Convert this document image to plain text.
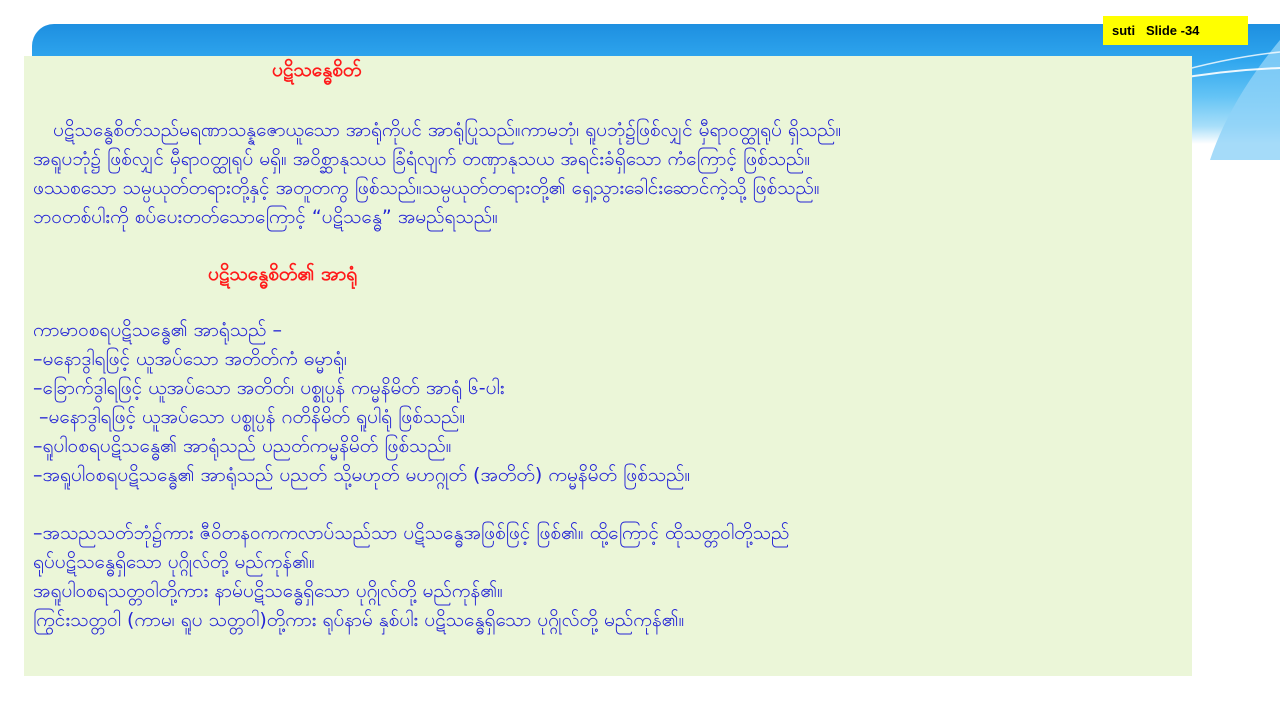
suti   Slide -34
ပဋိသန္ဓေစိတ်
ပဋိသန္ဓေစိတ်သည်မရဏာသန္နဇောယူသော အာရုံကိုပင် အာရုံပြုသည်။ကာမဘုံ၊ ရူပဘုံ၌ဖြစ်လျှင် မှီရာဝတ္ထုရုပ် ရှိသည်။
အရူပဘုံ၌ ဖြစ်လျှင် မှီရာဝတ္ထုရုပ် မရှိ။ အဝိစ္ဆာနုသယ ခြံရံလျက် တဏှာနုသယ အရင်းခံရှိသော ကံကြောင့် ဖြစ်သည်။
ဖဿစသော သမ္ပယုတ်တရားတို့နှင့် အတူတကွ ဖြစ်သည်။သမ္ပယုတ်တရားတို့၏ ရှေ့သွားခေါင်းဆောင်ကဲ့သို့ ဖြစ်သည်။
ဘဝတစ်ပါးကို စပ်ပေးတတ်သောကြောင့် “ပဋိသန္ဓေ” အမည်ရသည်။
ပဋိသန္ဓေစိတ်၏ အာရုံ
ကာမာဝစရပဋိသန္ဓေ၏ အာရုံသည် –
–မနောဒွါရဖြင့် ယူအပ်သော အတိတ်ကံ ဓမ္မာရုံ၊
–ခြောက်ဒွါရဖြင့် ယူအပ်သော အတိတ်၊ ပစ္စုပ္ပန် ကမ္မနိမိတ် အာရုံ ၆-ပါး
–မနောဒွါရဖြင့် ယူအပ်သော ပစ္စုပ္ပန် ဂတိနိမိတ် ရူပါရုံ ဖြစ်သည်။
–ရူပါဝစရပဋိသန္ဓေ၏ အာရုံသည် ပညတ်ကမ္မနိမိတ် ဖြစ်သည်။
–အရူပါဝစရပဋိသန္ဓေ၏ အာရုံသည် ပညတ် သို့မဟုတ် မဟဂ္ဂုတ် (အတိတ်) ကမ္မနိမိတ် ဖြစ်သည်။
–အသညသတ်ဘုံ၌ကား ဇီဝိတနဝကကလာပ်သည်သာ ပဋိသန္ဓေအဖြစ်ဖြင့် ဖြစ်၏။ ထို့ကြောင့် ထိုသတ္တဝါတို့သည်
ရုပ်ပဋိသန္ဓေရှိသော ပုဂ္ဂိုလ်တို့ မည်ကုန်၏။
အရူပါဝစရသတ္တဝါတို့ကား နာမ်ပဋိသန္ဓေရှိသော ပုဂ္ဂိုလ်တို့ မည်ကုန်၏။
ကြွင်းသတ္တဝါ (ကာမ၊ ရူပ သတ္တဝါ)တို့ကား ရုပ်နာမ် နှစ်ပါး ပဋိသန္ဓေရှိသော ပုဂ္ဂိုလ်တို့ မည်ကုန်၏။
